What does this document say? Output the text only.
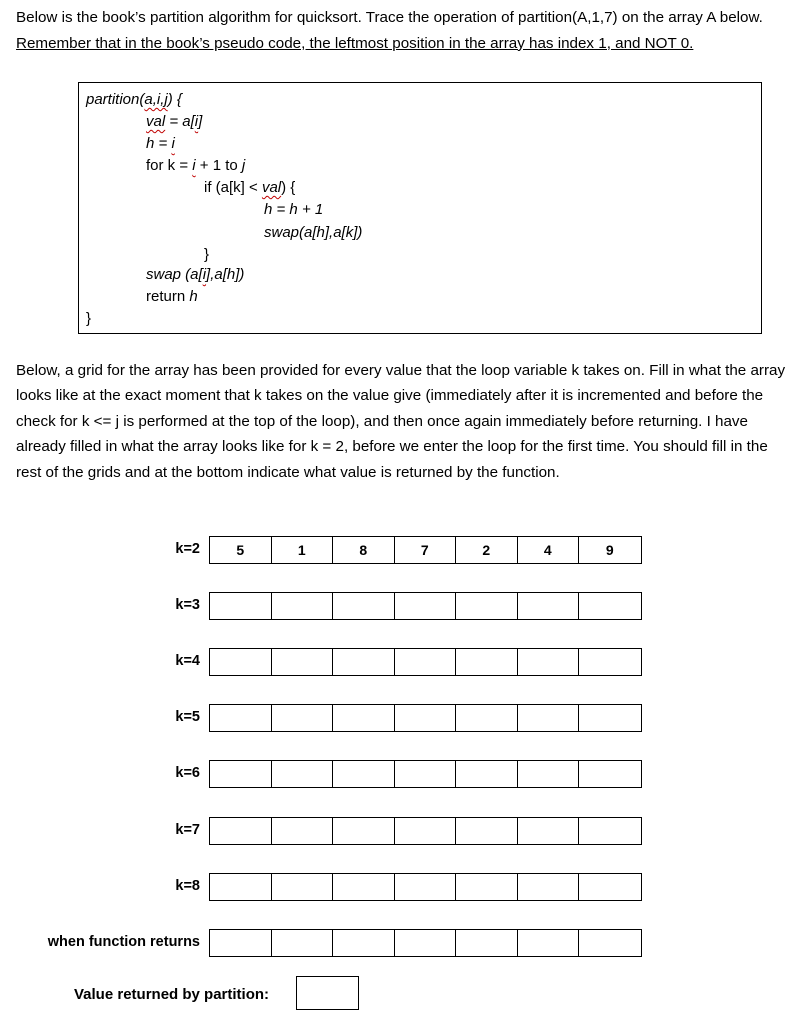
Below is the book’s partition algorithm for quicksort. Trace the operation of partition(A,1,7) on the array A below. Remember that in the book’s pseudo code, the leftmost position in the array has index 1, and NOT 0.
partition(a,i,j) {
val = a[i]
h = i
for k = i + 1 to j
if (a[k] < val) {
h = h + 1
swap(a[h],a[k])
}
swap (a[i],a[h])
return h
}
Below, a grid for the array has been provided for every value that the loop variable k takes on. Fill in what the array looks like at the exact moment that k takes on the value give (immediately after it is incremented and before the check for k <= j is performed at the top of the loop), and then once again immediately before returning. I have already filled in what the array looks like for k = 2, before we enter the loop for the first time. You should fill in the rest of the grids and at the bottom indicate what value is returned by the function.
k=2	5	1	8	7	2	4	9
k=3
k=4
k=5
k=6
k=7
k=8
when function returns
Value returned by partition:
